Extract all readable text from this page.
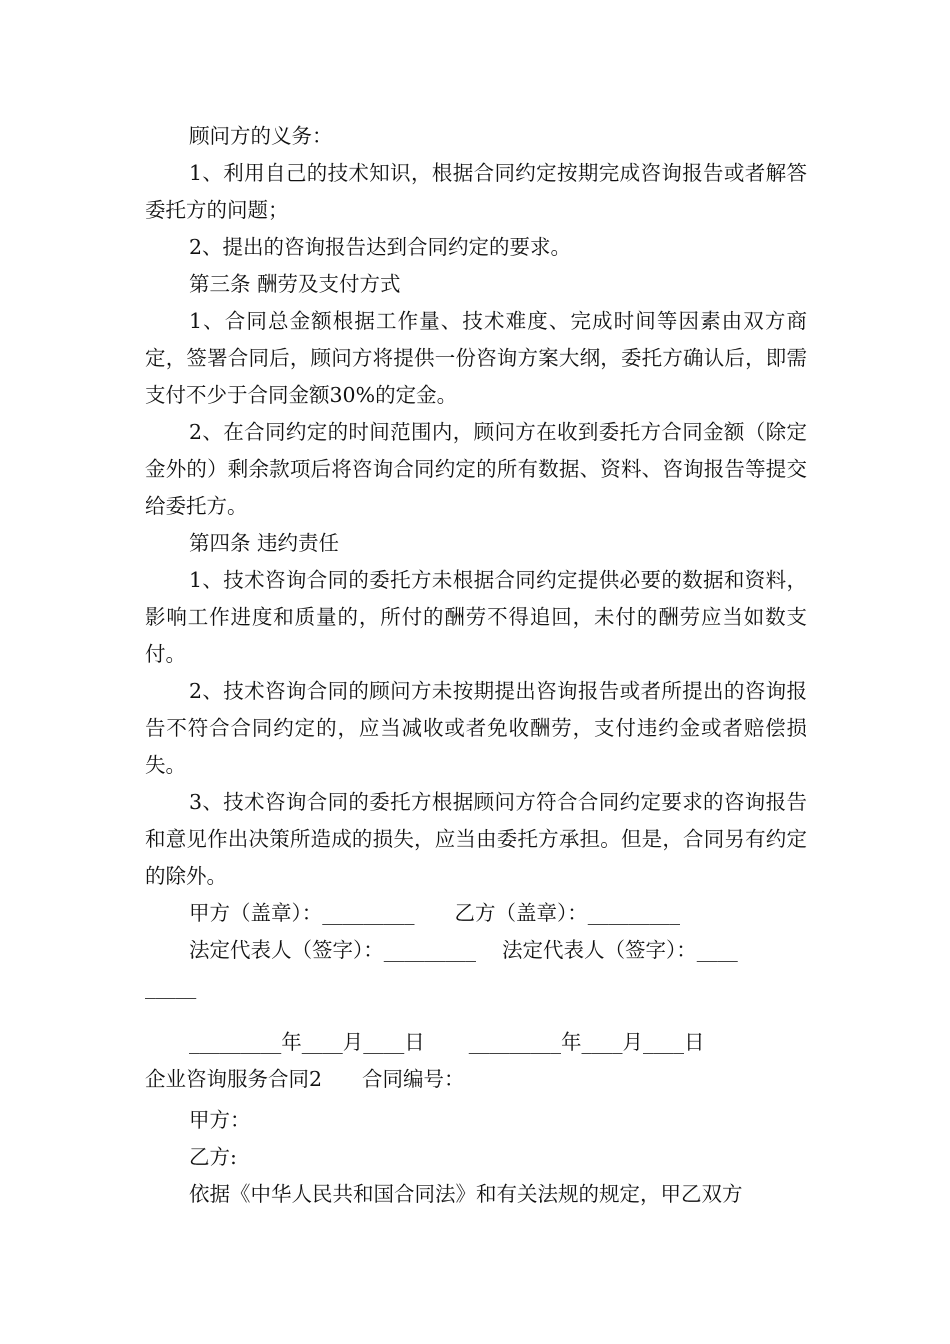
顾问方的义务：

1、利用自己的技术知识，根据合同约定按期完成咨询报告或者解答委托方的问题；

2、提出的咨询报告达到合同约定的要求。

第三条 酬劳及支付方式

1、合同总金额根据工作量、技术难度、完成时间等因素由双方商定，签署合同后，顾问方将提供一份咨询方案大纲，委托方确认后，即需支付不少于合同金额30%的定金。

2、在合同约定的时间范围内，顾问方在收到委托方合同金额（除定金外的）剩余款项后将咨询合同约定的所有数据、资料、咨询报告等提交给委托方。

第四条 违约责任

1、技术咨询合同的委托方未根据合同约定提供必要的数据和资料，影响工作进度和质量的，所付的酬劳不得追回，未付的酬劳应当如数支付。

2、技术咨询合同的顾问方未按期提出咨询报告或者所提出的咨询报告不符合合同约定的，应当减收或者免收酬劳，支付违约金或者赔偿损失。

3、技术咨询合同的委托方根据顾问方符合合同约定要求的咨询报告和意见作出决策所造成的损失，应当由委托方承担。但是，合同另有约定的除外。

甲方（盖章）：_________ 乙方（盖章）：_________

法定代表人（签字）：_________ 法定代表人（签字）：____

_____

_________年____月____日 _________年____月____日

企业咨询服务合同2 合同编号：

甲方：

乙方:

依据《中华人民共和国合同法》和有关法规的规定，甲乙双方
